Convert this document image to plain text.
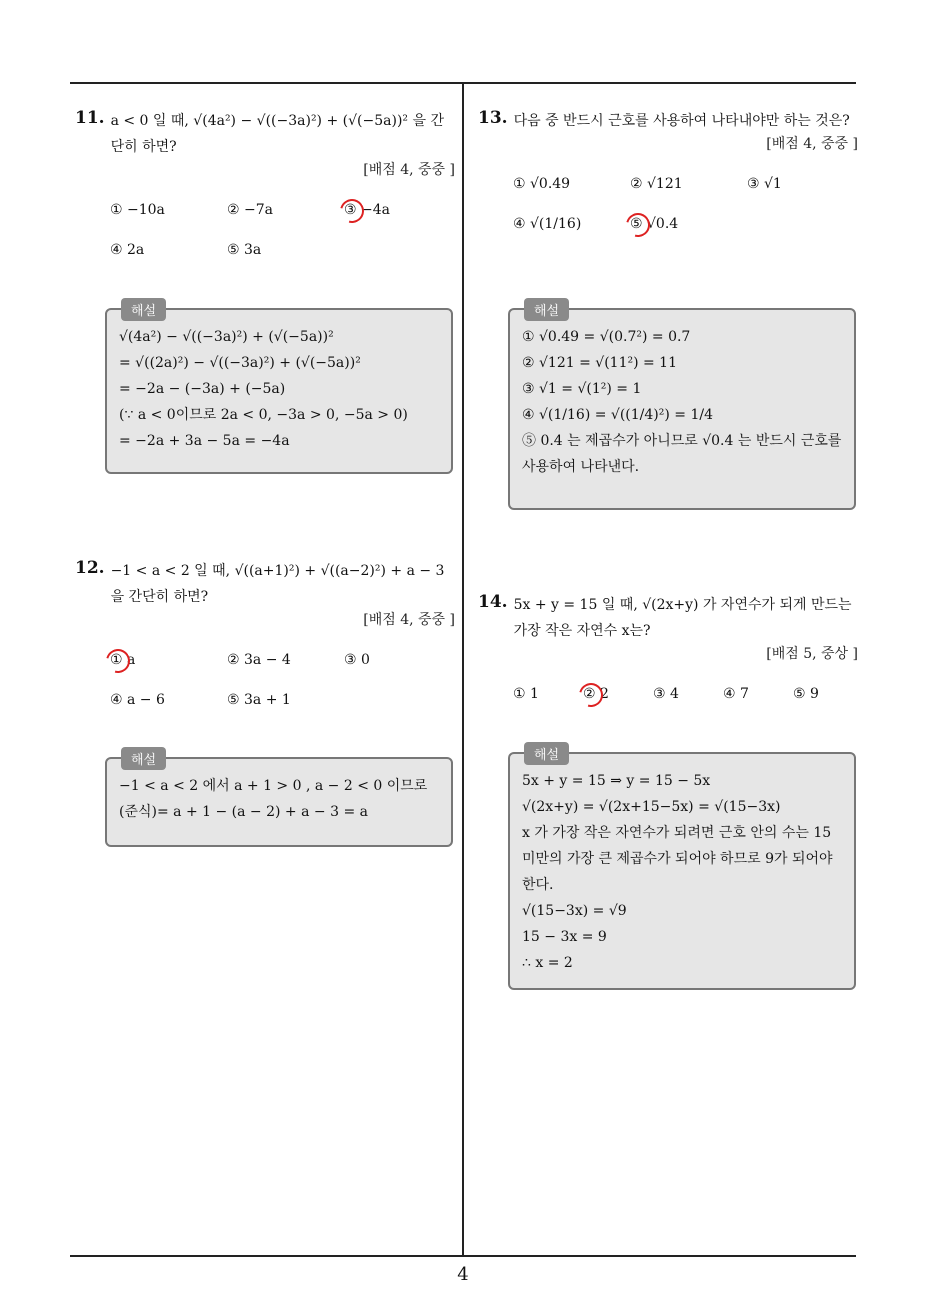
11. a < 0 일 때, √(4a²) − √((−3a)²) + (√(−5a))² 을 간단히 하면?
[배점 4, 중중 ]
① −10a	② −7a	③ −4a
④ 2a	⑤ 3a
해설
√(4a²) − √((−3a)²) + (√(−5a))²
= √((2a)²) − √((−3a)²) + (√(−5a))²
= −2a − (−3a) + (−5a)
(∵ a < 0이므로 2a < 0, −3a > 0, −5a > 0)
= −2a + 3a − 5a = −4a
12. −1 < a < 2 일 때, √((a+1)²) + √((a−2)²) + a − 3 을 간단히 하면?
[배점 4, 중중 ]
① a	② 3a − 4	③ 0
④ a − 6	⑤ 3a + 1
해설
−1 < a < 2 에서 a + 1 > 0 , a − 2 < 0 이므로
(준식)= a + 1 − (a − 2) + a − 3 = a
13. 다음 중 반드시 근호를 사용하여 나타내야만 하는 것은?
[배점 4, 중중 ]
① √0.49	② √121	③ √1
④ √(1/16)	⑤ √0.4
해설
① √0.49 = √(0.7²) = 0.7
② √121 = √(11²) = 11
③ √1 = √(1²) = 1
④ √(1/16) = √((1/4)²) = 1/4
⑤ 0.4 는 제곱수가 아니므로 √0.4 는 반드시 근호를 사용하여 나타낸다.
14. 5x + y = 15 일 때, √(2x+y) 가 자연수가 되게 만드는 가장 작은 자연수 x는?
[배점 5, 중상 ]
① 1	② 2	③ 4	④ 7	⑤ 9
해설
5x + y = 15 ⇒ y = 15 − 5x
√(2x+y) = √(2x+15−5x) = √(15−3x)
x 가 가장 작은 자연수가 되려면 근호 안의 수는 15 미만의 가장 큰 제곱수가 되어야 하므로 9가 되어야 한다.
√(15−3x) = √9
15 − 3x = 9
∴ x = 2
4
